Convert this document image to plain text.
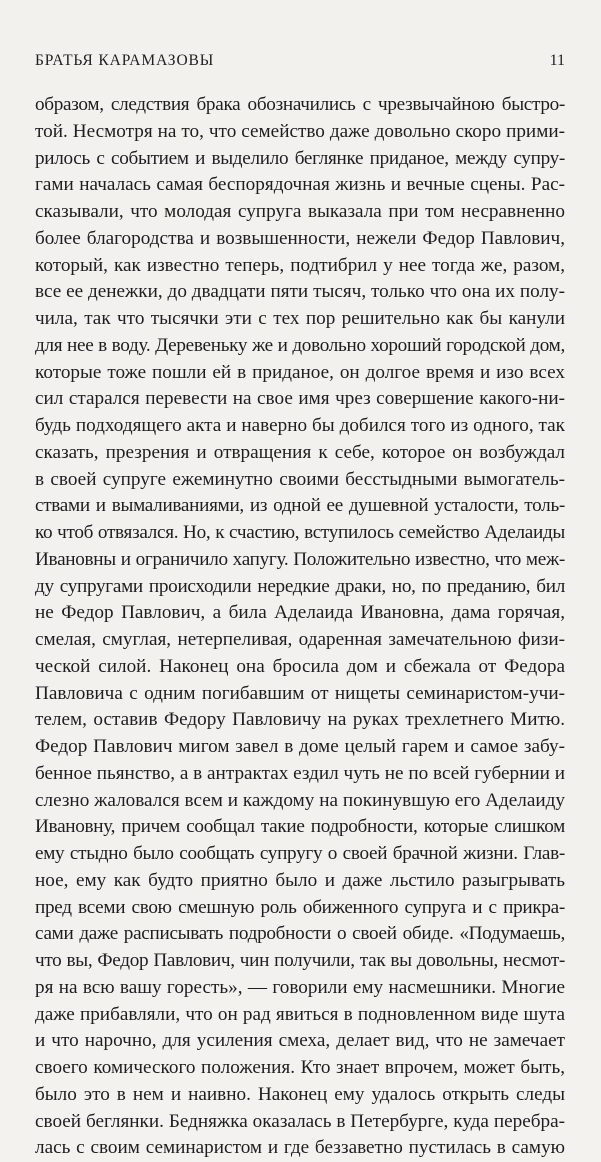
БРАТЬЯ КАРАМАЗОВЫ	11
образом, следствия брака обозначились с чрезвычайною быстро-
той. Несмотря на то, что семейство даже довольно скоро прими-
рилось с событием и выделило беглянке приданое, между супру-
гами началась самая беспорядочная жизнь и вечные сцены. Рас-
сказывали, что молодая супруга выказала при том несравненно
более благородства и возвышенности, нежели Федор Павлович,
который, как известно теперь, подтибрил у нее тогда же, разом,
все ее денежки, до двадцати пяти тысяч, только что она их полу-
чила, так что тысячки эти с тех пор решительно как бы канули
для нее в воду. Деревеньку же и довольно хороший городской дом,
которые тоже пошли ей в приданое, он долгое время и изо всех
сил старался перевести на свое имя чрез совершение какого-ни-
будь подходящего акта и наверно бы добился того из одного, так
сказать, презрения и отвращения к себе, которое он возбуждал
в своей супруге ежеминутно своими бесстыдными вымогатель-
ствами и вымаливаниями, из одной ее душевной усталости, толь-
ко чтоб отвязался. Но, к счастию, вступилось семейство Аделаиды
Ивановны и ограничило хапугу. Положительно известно, что меж-
ду супругами происходили нередкие драки, но, по преданию, бил
не Федор Павлович, а била Аделаида Ивановна, дама горячая,
смелая, смуглая, нетерпеливая, одаренная замечательною физи-
ческой силой. Наконец она бросила дом и сбежала от Федора
Павловича с одним погибавшим от нищеты семинаристом-учи-
телем, оставив Федору Павловичу на руках трехлетнего Митю.
Федор Павлович мигом завел в доме целый гарем и самое забу-
бенное пьянство, а в антрактах ездил чуть не по всей губернии и
слезно жаловался всем и каждому на покинувшую его Аделаиду
Ивановну, причем сообщал такие подробности, которые слишком
ему стыдно было сообщать супругу о своей брачной жизни. Глав-
ное, ему как будто приятно было и даже льстило разыгрывать
пред всеми свою смешную роль обиженного супруга и с прикра-
сами даже расписывать подробности о своей обиде. «Подумаешь,
что вы, Федор Павлович, чин получили, так вы довольны, несмот-
ря на всю вашу горесть», — говорили ему насмешники. Многие
даже прибавляли, что он рад явиться в подновленном виде шута
и что нарочно, для усиления смеха, делает вид, что не замечает
своего комического положения. Кто знает впрочем, может быть,
было это в нем и наивно. Наконец ему удалось открыть следы
своей беглянки. Бедняжка оказалась в Петербурге, куда перебра-
лась с своим семинаристом и где беззаветно пустилась в самую
